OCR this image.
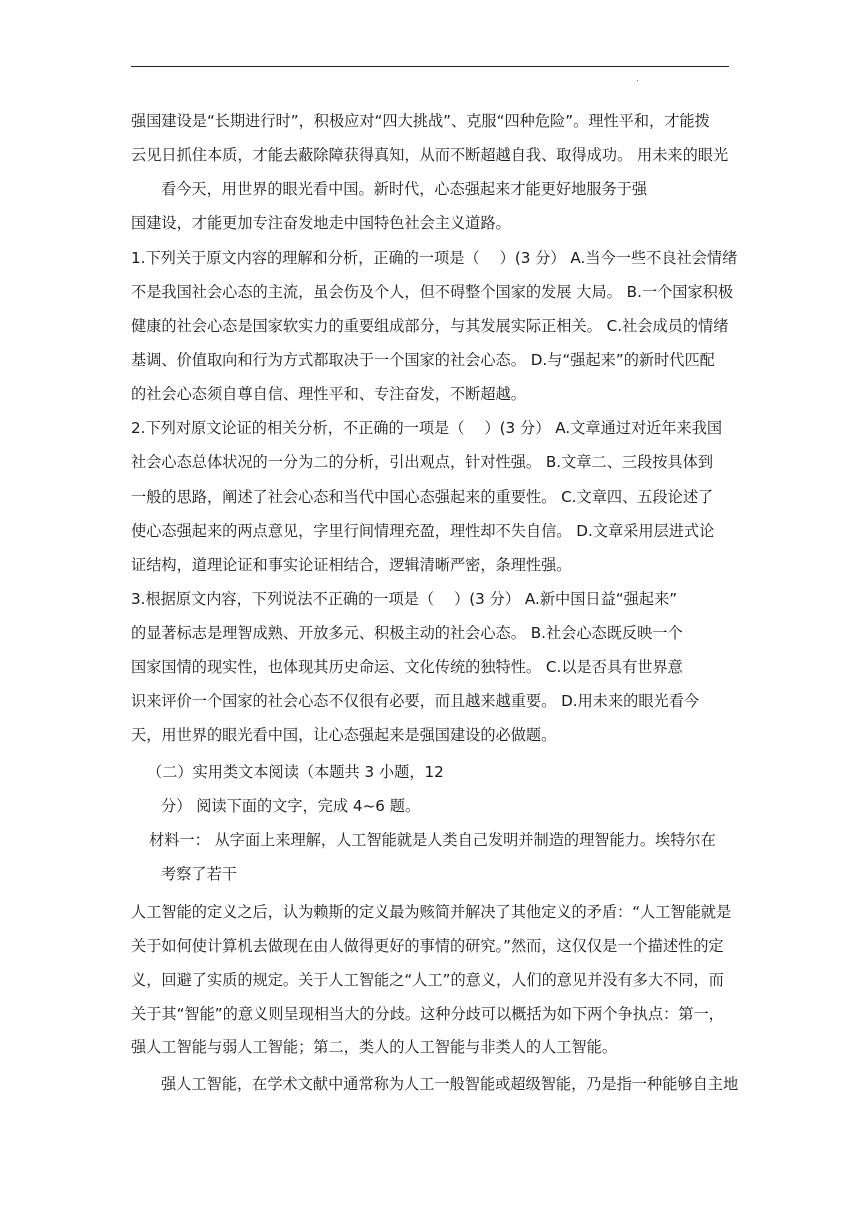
.
强国建设是“长期进行时”，积极应对“四大挑战”、克服“四种危险”。理性平和，才能拨
云见日抓住本质，才能去蔽除障获得真知，从而不断超越自我、取得成功。 用未来的眼光
看今天，用世界的眼光看中国。新时代，心态强起来才能更好地服务于强
国建设，才能更加专注奋发地走中国特色社会主义道路。
1.下列关于原文内容的理解和分析，正确的一项是（　 ）(3 分） A.当今一些不良社会情绪
不是我国社会心态的主流，虽会伤及个人，但不碍整个国家的发展 大局。 B.一个国家积极
健康的社会心态是国家软实力的重要组成部分，与其发展实际正相关。 C.社会成员的情绪
基调、价值取向和行为方式都取决于一个国家的社会心态。 D.与“强起来”的新时代匹配
的社会心态须自尊自信、理性平和、专注奋发，不断超越。
2.下列对原文论证的相关分析，不正确的一项是（　 ）(3 分） A.文章通过对近年来我国
社会心态总体状况的一分为二的分析，引出观点，针对性强。 B.文章二、三段按具体到
一般的思路，阐述了社会心态和当代中国心态强起来的重要性。 C.文章四、五段论述了
使心态强起来的两点意见，字里行间情理充盈，理性却不失自信。 D.文章采用层进式论
证结构，道理论证和事实论证相结合，逻辑清晰严密，条理性强。
3.根据原文内容，下列说法不正确的一项是（　 ）(3 分） A.新中国日益“强起来”
的显著标志是理智成熟、开放多元、积极主动的社会心态。 B.社会心态既反映一个
国家国情的现实性，也体现其历史命运、文化传统的独特性。 C.以是否具有世界意
识来评价一个国家的社会心态不仅很有必要，而且越来越重要。 D.用未来的眼光看今
天，用世界的眼光看中国，让心态强起来是强国建设的必做题。
（二）实用类文本阅读（本题共 3 小题，12
分） 阅读下面的文字，完成 4~6 题。
材料一： 从字面上来理解，人工智能就是人类自己发明并制造的理智能力。埃特尔在
考察了若干
人工智能的定义之后，认为赖斯的定义最为赅简并解决了其他定义的矛盾：“人工智能就是
关于如何使计算机去做现在由人做得更好的事情的研究。”然而，这仅仅是一个描述性的定
义，回避了实质的规定。关于人工智能之“人工”的意义，人们的意见并没有多大不同，而
关于其“智能”的意义则呈现相当大的分歧。这种分歧可以概括为如下两个争执点：第一，
强人工智能与弱人工智能；第二，类人的人工智能与非类人的人工智能。
强人工智能，在学术文献中通常称为人工一般智能或超级智能，乃是指一种能够自主地
